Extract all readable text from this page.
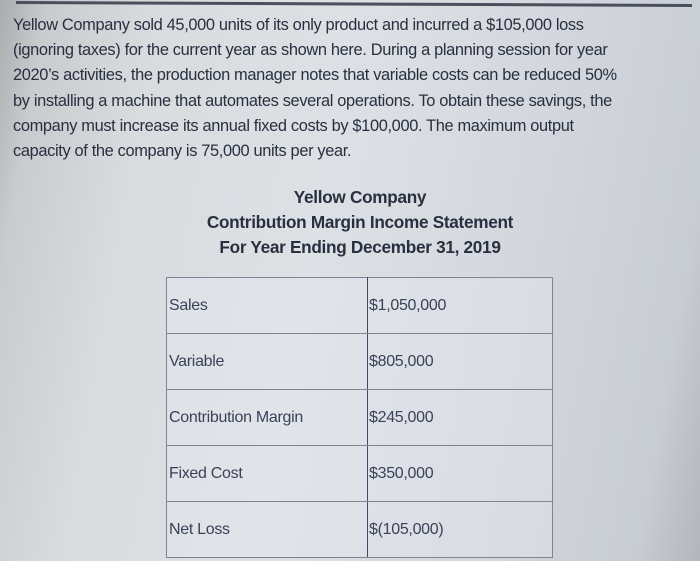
Yellow Company sold 45,000 units of its only product and incurred a $105,000 loss
(ignoring taxes) for the current year as shown here. During a planning session for year
2020’s activities, the production manager notes that variable costs can be reduced 50%
by installing a machine that automates several operations. To obtain these savings, the
company must increase its annual fixed costs by $100,000. The maximum output
capacity of the company is 75,000 units per year.
Yellow Company
Contribution Margin Income Statement
For Year Ending December 31, 2019
Sales	$1,050,000
Variable	$805,000
Contribution Margin	$245,000
Fixed Cost	$350,000
Net Loss	$(105,000)
